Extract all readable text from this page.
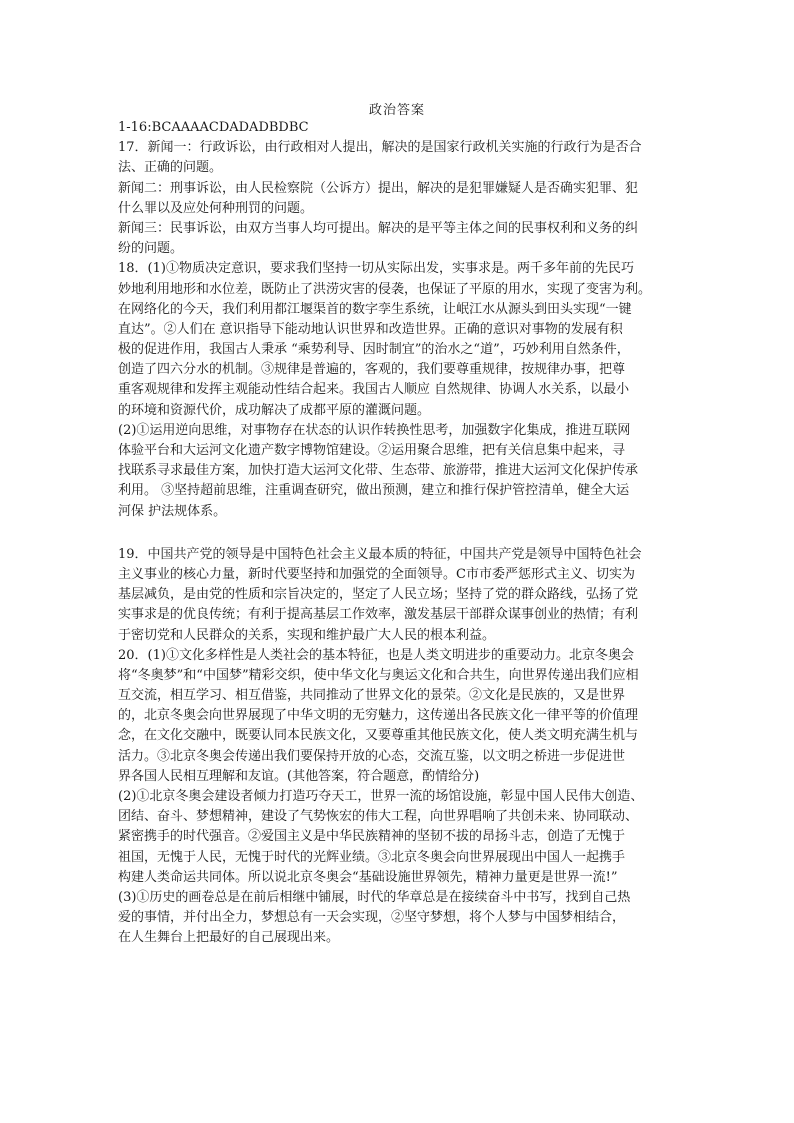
政治答案
1-16:BCAAAACDADADBDBC
17．新闻一：行政诉讼，由行政相对人提出，解决的是国家行政机关实施的行政行为是否合
法、正确的问题。
新闻二：刑事诉讼，由人民检察院（公诉方）提出，解决的是犯罪嫌疑人是否确实犯罪、犯
什么罪以及应处何种刑罚的问题。
新闻三：民事诉讼，由双方当事人均可提出。解决的是平等主体之间的民事权利和义务的纠
纷的问题。
18．(1)①物质决定意识，要求我们坚持一切从实际出发，实事求是。两千多年前的先民巧
妙地利用地形和水位差，既防止了洪涝灾害的侵袭，也保证了平原的用水，实现了变害为利。
在网络化的今天，我们利用都江堰渠首的数字孪生系统，让岷江水从源头到田头实现“一键
直达”。②人们在 意识指导下能动地认识世界和改造世界。正确的意识对事物的发展有积
极的促进作用，我国古人秉承 “乘势利导、因时制宜”的治水之“道”，巧妙利用自然条件，
创造了四六分水的机制。③规律是普遍的，客观的，我们要尊重规律，按规律办事，把尊
重客观规律和发挥主观能动性结合起来。我国古人顺应 自然规律、协调人水关系，以最小
的环境和资源代价，成功解决了成都平原的灌溉问题。
(2)①运用逆向思维，对事物存在状态的认识作转换性思考，加强数字化集成，推进互联网
体验平台和大运河文化遗产数字博物馆建设。②运用聚合思维，把有关信息集中起来，寻
找联系寻求最佳方案，加快打造大运河文化带、生态带、旅游带，推进大运河文化保护传承
利用。 ③坚持超前思维，注重调查研究，做出预测，建立和推行保护管控清单，健全大运
河保 护法规体系。
19．中国共产党的领导是中国特色社会主义最本质的特征，中国共产党是领导中国特色社会
主义事业的核心力量，新时代要坚持和加强党的全面领导。C市市委严惩形式主义、切实为
基层减负，是由党的性质和宗旨决定的，坚定了人民立场；坚持了党的群众路线，弘扬了党
实事求是的优良传统；有利于提高基层工作效率，激发基层干部群众谋事创业的热情；有利
于密切党和人民群众的关系，实现和维护最广大人民的根本利益。
20．(1)①文化多样性是人类社会的基本特征，也是人类文明进步的重要动力。北京冬奥会
将“冬奥梦”和“中国梦”精彩交织，使中华文化与奥运文化和合共生，向世界传递出我们应相
互交流，相互学习、相互借鉴，共同推动了世界文化的景荣。②文化是民族的，又是世界
的，北京冬奥会向世界展现了中华文明的无穷魅力，这传递出各民族文化一律平等的价值理
念，在文化交融中，既要认同本民族文化，又要尊重其他民族文化，使人类文明充满生机与
活力。③北京冬奥会传递出我们要保持开放的心态，交流互鉴，以文明之桥进一步促进世
界各国人民相互理解和友谊。(其他答案，符合题意，酌情给分)
(2)①北京冬奥会建设者倾力打造巧夺天工，世界一流的场馆设施，彰显中国人民伟大创造、
团结、奋斗、梦想精神，建设了气势恢宏的伟大工程，向世界唱响了共创未来、协同联动、
紧密携手的时代强音。②爱国主义是中华民族精神的坚韧不拔的昂扬斗志，创造了无愧于
祖国，无愧于人民，无愧于时代的光辉业绩。③北京冬奥会向世界展现出中国人一起携手
构建人类命运共同体。所以说北京冬奥会“基础设施世界领先，精神力量更是世界一流!”
(3)①历史的画卷总是在前后相继中铺展，时代的华章总是在接续奋斗中书写，找到自己热
爱的事情，并付出全力，梦想总有一天会实现，②坚守梦想，将个人梦与中国梦相结合，
在人生舞台上把最好的自己展现出来。
